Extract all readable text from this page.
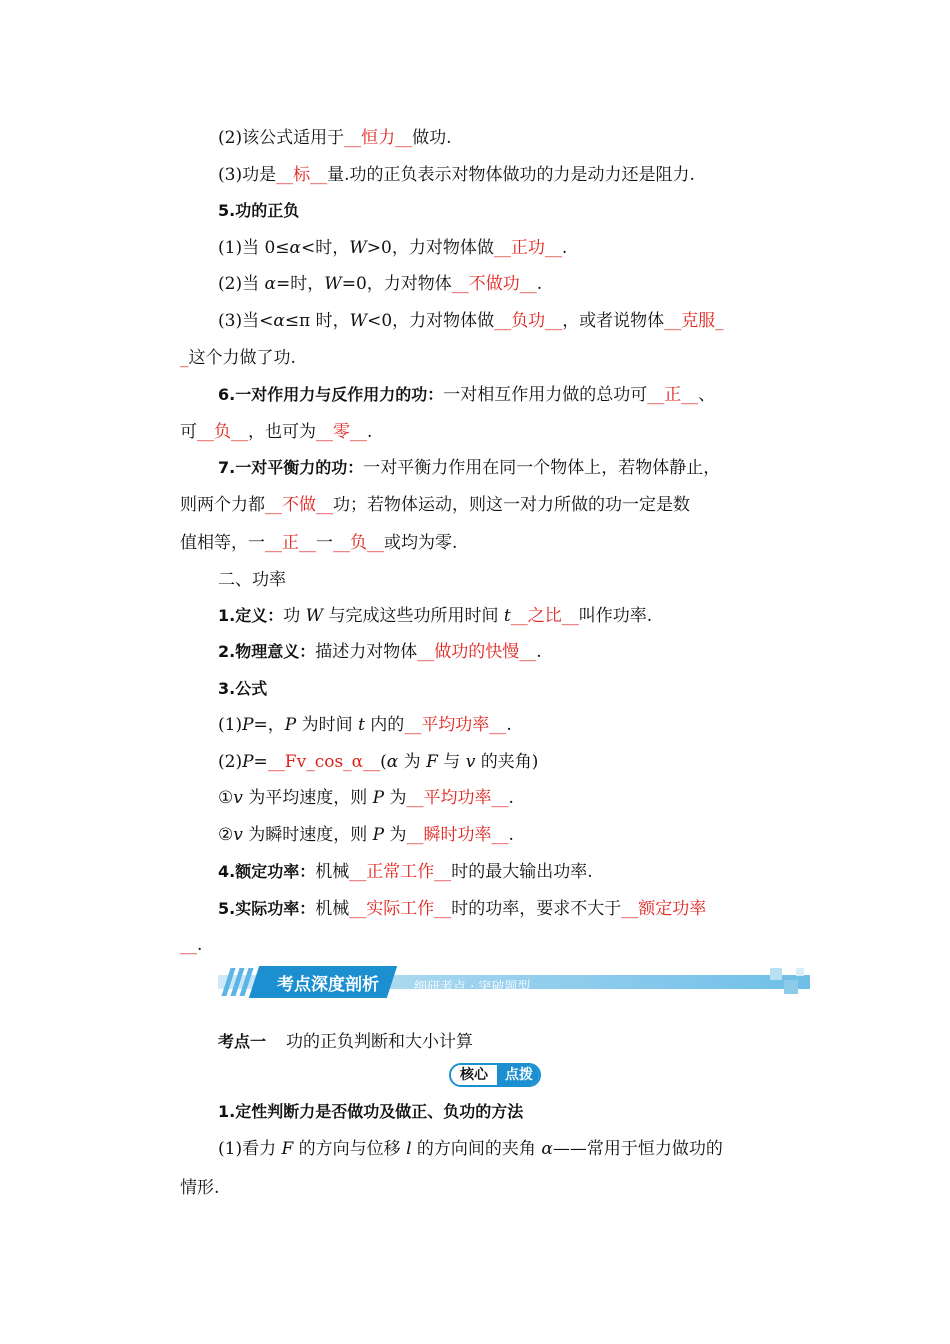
(2)该公式适用于__恒力__做功.
(3)功是__标__量.功的正负表示对物体做功的力是动力还是阻力.
5.功的正负
(1)当 0≤α<时，W>0，力对物体做__正功__.
(2)当 α=时，W=0，力对物体__不做功__.
(3)当<α≤π 时，W<0，力对物体做__负功__，或者说物体__克服_
_这个力做了功.
6.一对作用力与反作用力的功：一对相互作用力做的总功可__正__、
可__负__，也可为__零__.
7.一对平衡力的功：一对平衡力作用在同一个物体上，若物体静止，
则两个力都__不做__功；若物体运动，则这一对力所做的功一定是数
值相等，一__正__一__负__或均为零.
二、功率
1.定义：功 W 与完成这些功所用时间 t__之比__叫作功率.
2.物理意义：描述力对物体__做功的快慢__.
3.公式
(1)P=，P 为时间 t 内的__平均功率__.
(2)P=__Fv_cos_α__(α 为 F 与 v 的夹角)
①v 为平均速度，则 P 为__平均功率__.
②v 为瞬时速度，则 P 为__瞬时功率__.
4.额定功率：机械__正常工作__时的最大输出功率.
5.实际功率：机械__实际工作__时的功率，要求不大于__额定功率
__.
考点深度剖析	细研考点 · 突破题型
考点一 功的正负判断和大小计算
核心	点拨
1.定性判断力是否做功及做正、负功的方法
(1)看力 F 的方向与位移 l 的方向间的夹角 α——常用于恒力做功的
情形.
